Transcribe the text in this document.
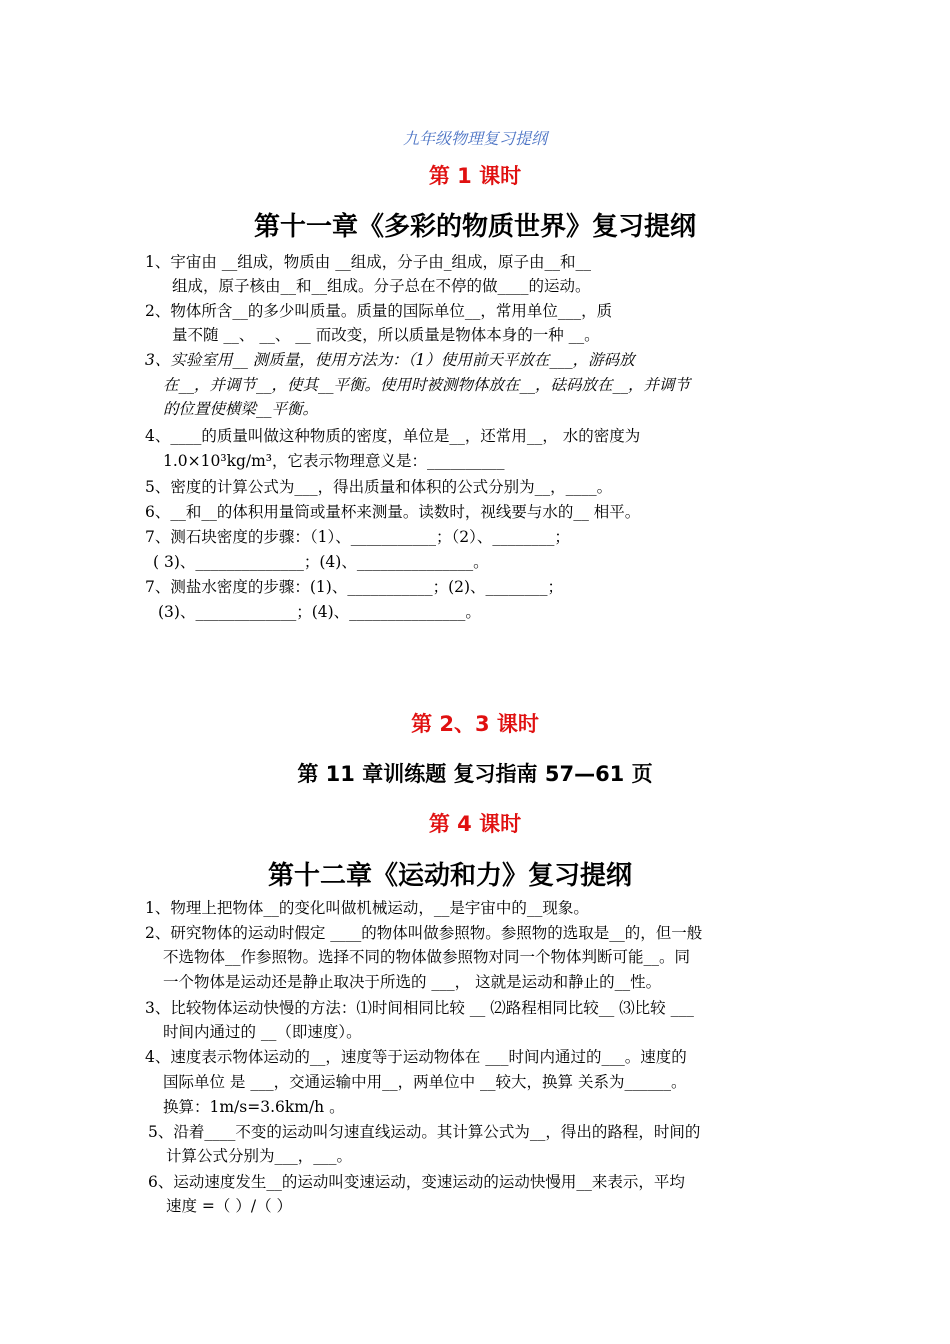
九年级物理复习提纲
第 1 课时
第十一章《多彩的物质世界》复习提纲
1、宇宙由 __组成，物质由 __组成，分子由_组成，原子由__和__
组成，原子核由__和__组成。分子总在不停的做____的运动。
2、物体所含__的多少叫质量。质量的国际单位__，常用单位___，质
量不随 __、 __、 __ 而改变，所以质量是物体本身的一种 __。
3、实验室用__ 测质量，使用方法为：（1）使用前天平放在___，游码放
在__，并调节__，使其__平衡。使用时被测物体放在__，砝码放在__，并调节
的位置使横梁__平衡。
4、____的质量叫做这种物质的密度，单位是__，还常用__， 水的密度为
1.0×10³kg/m³，它表示物理意义是：__________
5、密度的计算公式为___，得出质量和体积的公式分别为__，____。
6、__和__的体积用量筒或量杯来测量。读数时，视线要与水的__ 相平。
7、测石块密度的步骤：（1）、___________；（2）、________；
( 3)、______________；(4)、_______________。
7、测盐水密度的步骤：(1)、___________；(2)、________；
(3)、_____________；(4)、_______________。
第 2、3 课时
第 11 章训练题 复习指南 57—61 页
第 4 课时
第十二章《运动和力》复习提纲
1、物理上把物体__的变化叫做机械运动，__是宇宙中的__现象。
2、研究物体的运动时假定 ____的物体叫做参照物。参照物的选取是__的，但一般
不选物体__作参照物。选择不同的物体做参照物对同一个物体判断可能__。同
一个物体是运动还是静止取决于所选的 ___， 这就是运动和静止的__性。
3、比较物体运动快慢的方法：⑴时间相同比较 __ ⑵路程相同比较__ ⑶比较 ___
时间内通过的 __（即速度）。
4、速度表示物体运动的__，速度等于运动物体在 ___时间内通过的___。速度的
国际单位 是 ___，交通运输中用__，两单位中 __较大，换算 关系为______。
换算：1m/s=3.6km/h 。
5、沿着____不变的运动叫匀速直线运动。其计算公式为__，得出的路程，时间的
计算公式分别为___，___。
6、运动速度发生__的运动叫变速运动，变速运动的运动快慢用__来表示，平均
速度 =（ ）/（ ）
